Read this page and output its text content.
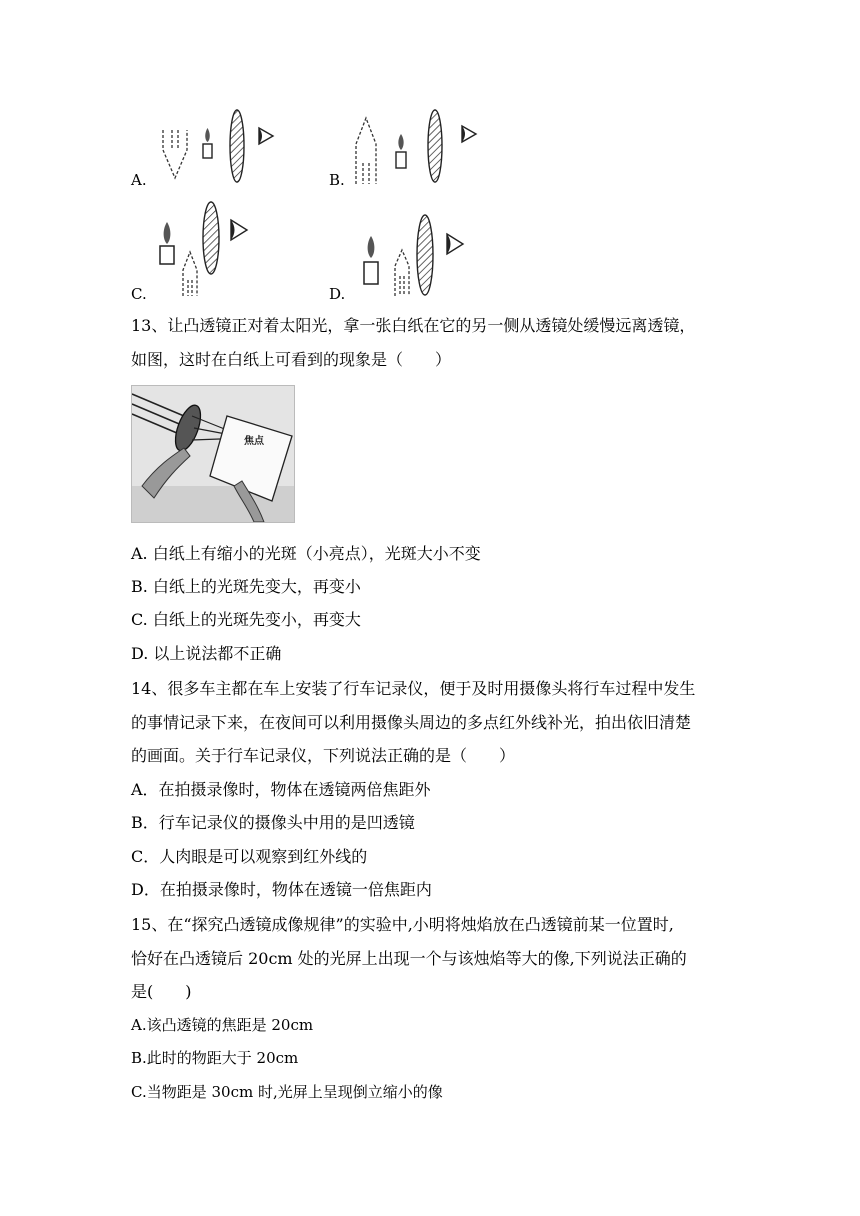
A.	B.
C.	D.
13、让凸透镜正对着太阳光，拿一张白纸在它的另一侧从透镜处缓慢远离透镜，
如图，这时在白纸上可看到的现象是（　　）
焦点
A. 白纸上有缩小的光斑（小亮点），光斑大小不变
B. 白纸上的光斑先变大，再变小
C. 白纸上的光斑先变小，再变大
D. 以上说法都不正确
14、很多车主都在车上安装了行车记录仪，便于及时用摄像头将行车过程中发生
的事情记录下来，在夜间可以利用摄像头周边的多点红外线补光，拍出依旧清楚
的画面。关于行车记录仪，下列说法正确的是（　　）
A．在拍摄录像时，物体在透镜两倍焦距外
B．行车记录仪的摄像头中用的是凹透镜
C．人肉眼是可以观察到红外线的
D．在拍摄录像时，物体在透镜一倍焦距内
15、在“探究凸透镜成像规律”的实验中,小明将烛焰放在凸透镜前某一位置时,
恰好在凸透镜后 20cm 处的光屏上出现一个与该烛焰等大的像,下列说法正确的
是(　　)
A.该凸透镜的焦距是 20cm
B.此时的物距大于 20cm
C.当物距是 30cm 时,光屏上呈现倒立缩小的像
